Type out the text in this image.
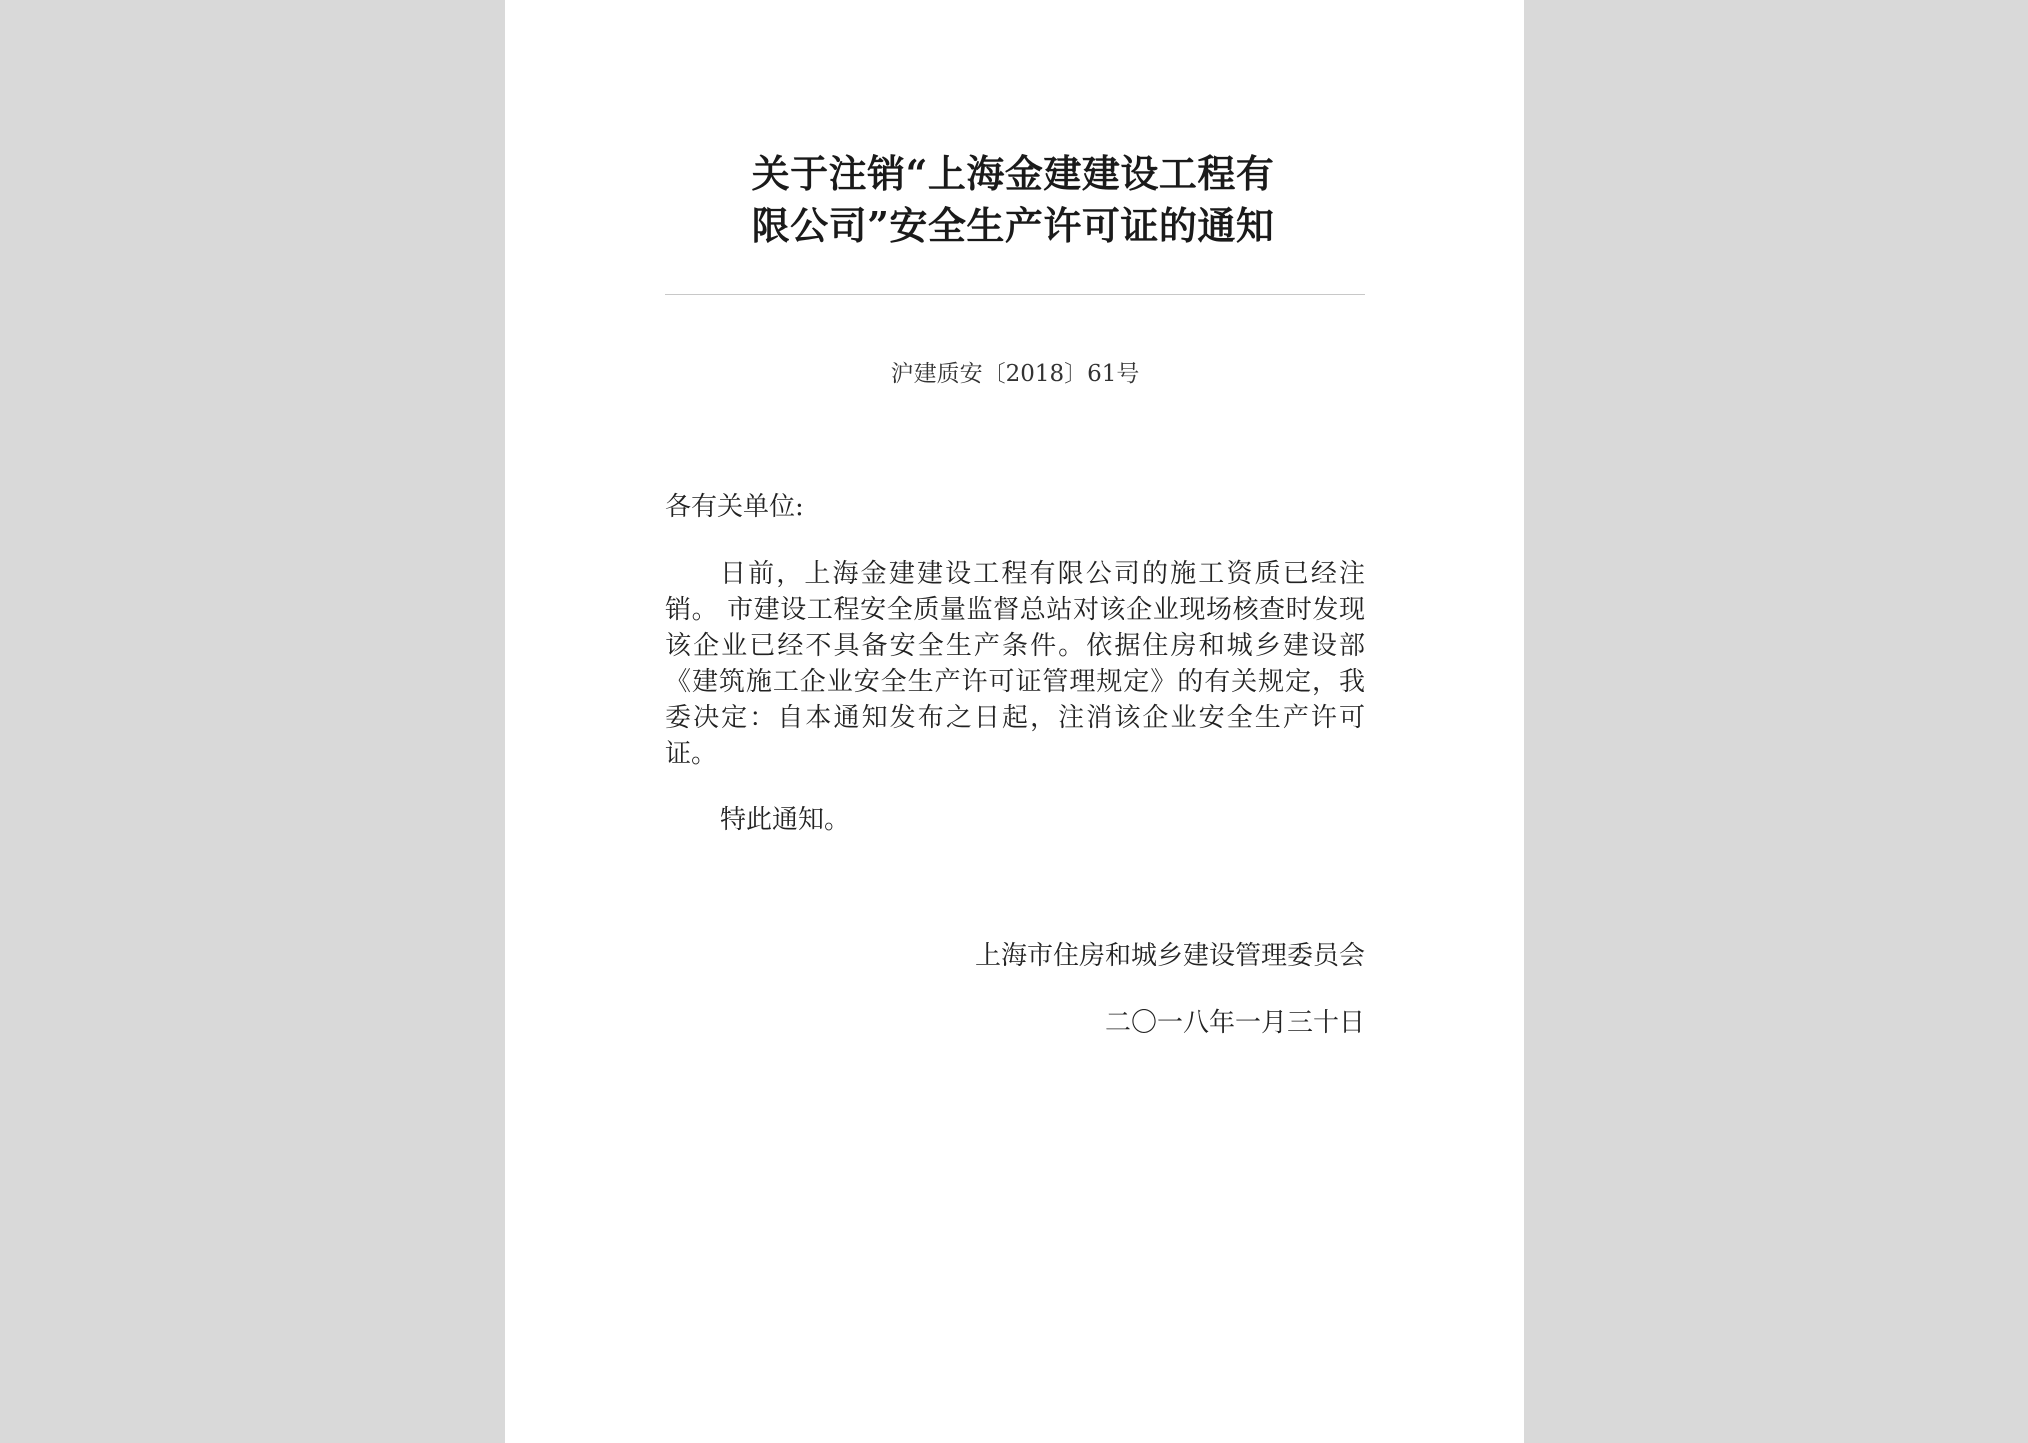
关于注销“上海金建建设工程有
限公司”安全生产许可证的通知
沪建质安〔2018〕61号

各有关单位:

日前，上海金建建设工程有限公司的施工资质已经注销。 市建设工程安全质量监督总站对该企业现场核查时发现该企业已经不具备安全生产条件。依据住房和城乡建设部《建筑施工企业安全生产许可证管理规定》的有关规定，我委决定：自本通知发布之日起，注消该企业安全生产许可证。

特此通知。

上海市住房和城乡建设管理委员会
二〇一八年一月三十日
